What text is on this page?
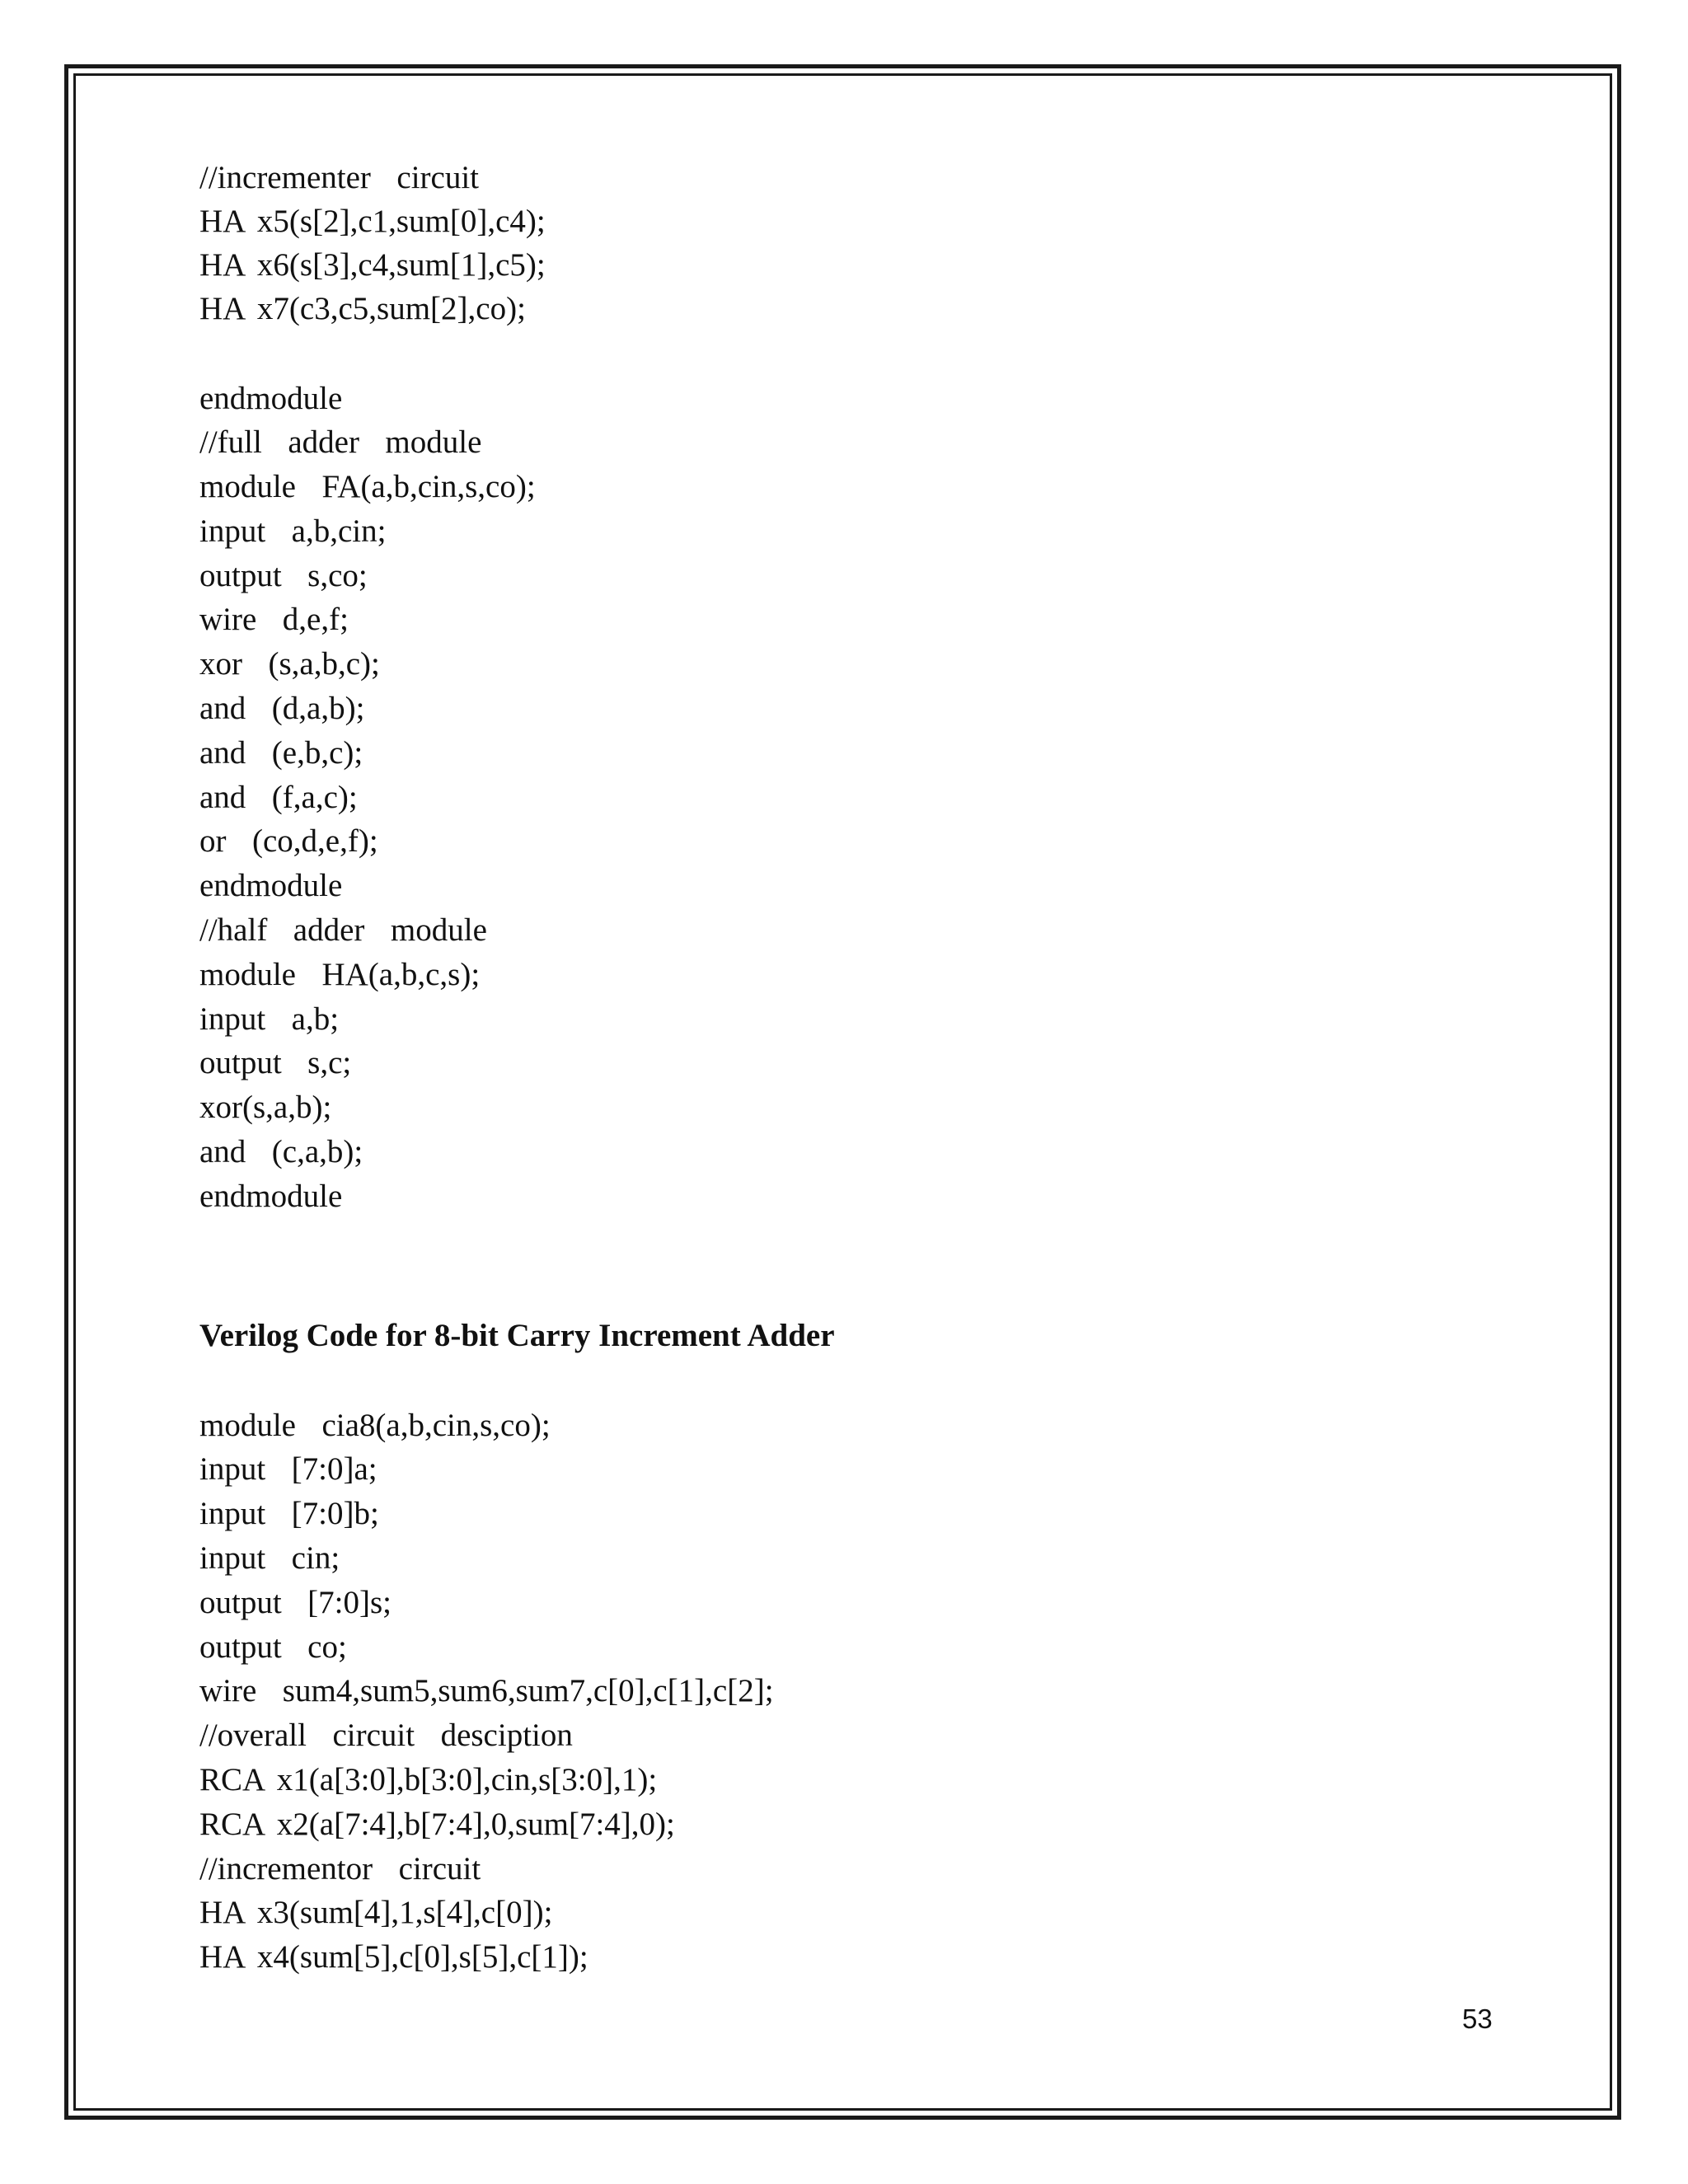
//incrementer  circuit
HA x5(s[2],c1,sum[0],c4);
HA x6(s[3],c4,sum[1],c5);
HA x7(c3,c5,sum[2],co);
endmodule
//full  adder  module
module  FA(a,b,cin,s,co);
input  a,b,cin;
output  s,co;
wire  d,e,f;
xor  (s,a,b,c);
and  (d,a,b);
and  (e,b,c);
and  (f,a,c);
or  (co,d,e,f);
endmodule
//half  adder  module
module  HA(a,b,c,s);
input  a,b;
output  s,c;
xor(s,a,b);
and  (c,a,b);
endmodule
Verilog Code for 8-bit Carry Increment Adder
module  cia8(a,b,cin,s,co);
input  [7:0]a;
input  [7:0]b;
input  cin;
output  [7:0]s;
output  co;
wire  sum4,sum5,sum6,sum7,c[0],c[1],c[2];
//overall  circuit  desciption
RCA x1(a[3:0],b[3:0],cin,s[3:0],1);
RCA x2(a[7:4],b[7:4],0,sum[7:4],0);
//incrementor  circuit
HA x3(sum[4],1,s[4],c[0]);
HA x4(sum[5],c[0],s[5],c[1]);
53
